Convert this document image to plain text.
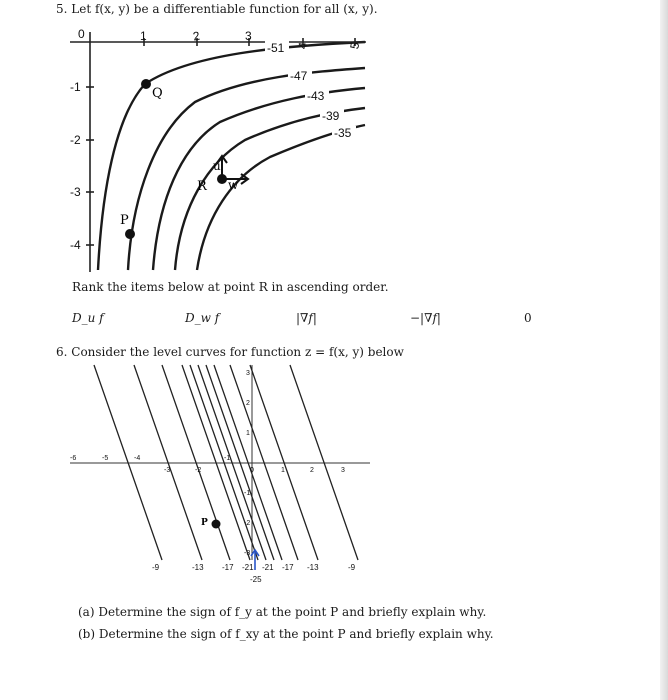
5. Let f(x, y) be a differentiable function for all (x, y).
0	1	2	3
4	5
-1
-2
-3
-4
-51
-47
-43
-39
-35
Q
R
P
u
w
Rank the items below at point R in ascending order.
D_u f	D_w f	|∇f|	−|∇f|	0
6. Consider the level curves for function z = f(x, y) below
-6	-5	-4
-3	-2
-1
0	1	2	3
3
2
1
-1
-2
-3
-9	-13 -17 -21 -21 -17 -13	-9
-25
P
(a) Determine the sign of f_y at the point P and briefly explain why.
(b) Determine the sign of f_xy at the point P and briefly explain why.
